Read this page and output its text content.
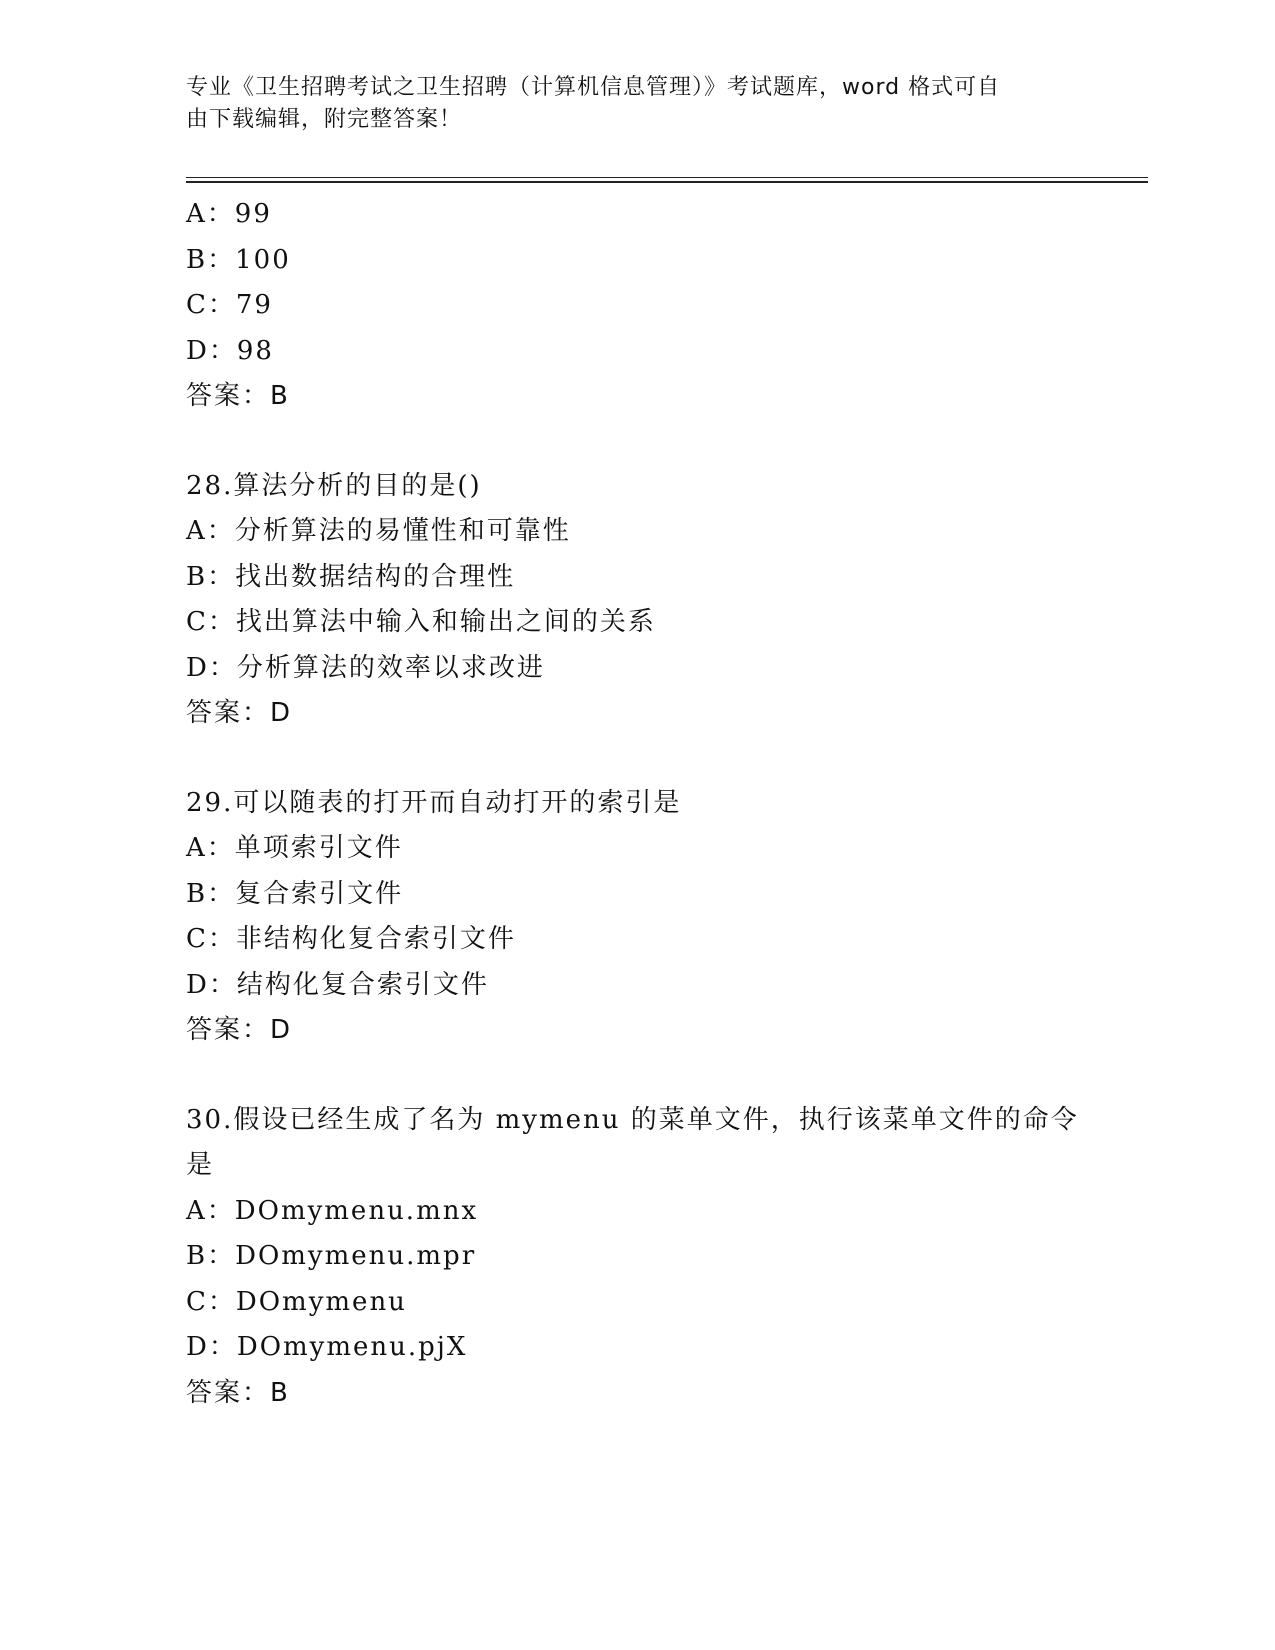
专业《卫生招聘考试之卫生招聘（计算机信息管理）》考试题库，word 格式可自
由下载编辑，附完整答案！
A：99
B：100
C：79
D：98
答案：B
28.算法分析的目的是()
A：分析算法的易懂性和可靠性
B：找出数据结构的合理性
C：找出算法中输入和输出之间的关系
D：分析算法的效率以求改进
答案：D
29.可以随表的打开而自动打开的索引是
A：单项索引文件
B：复合索引文件
C：非结构化复合索引文件
D：结构化复合索引文件
答案：D
30.假设已经生成了名为 mymenu 的菜单文件，执行该菜单文件的命令
是
A：DOmymenu.mnx
B：DOmymenu.mpr
C：DOmymenu
D：DOmymenu.pjX
答案：B
